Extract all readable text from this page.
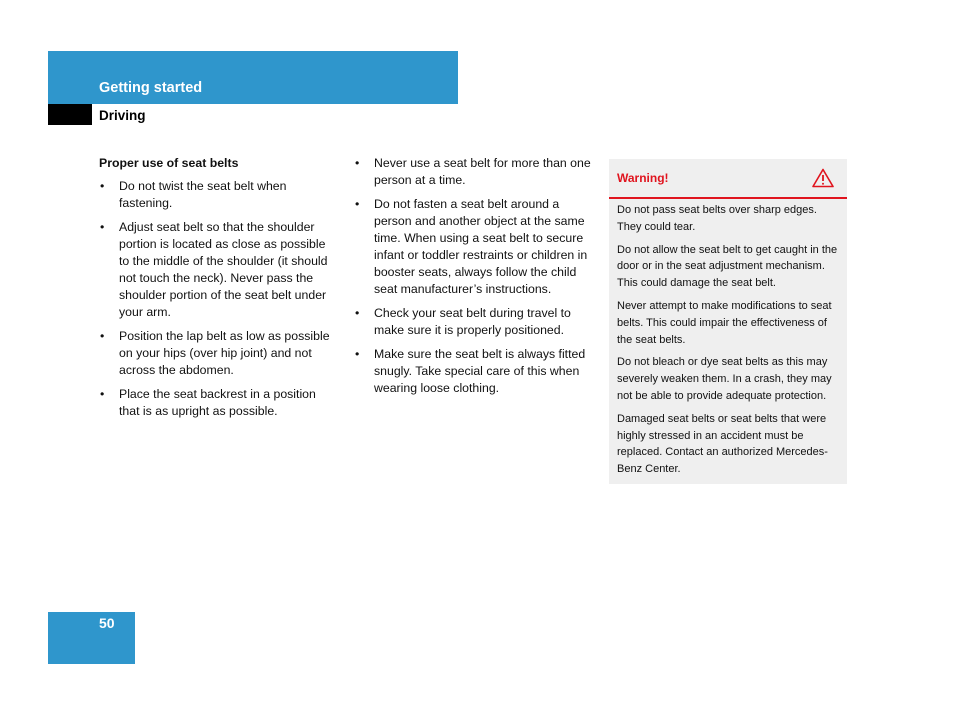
Getting started
Driving
Proper use of seat belts
• Do not twist the seat belt when fastening.
• Adjust seat belt so that the shoulder portion is located as close as possible to the middle of the shoulder (it should not touch the neck). Never pass the shoulder portion of the seat belt under your arm.
• Position the lap belt as low as possible on your hips (over hip joint) and not across the abdomen.
• Place the seat backrest in a position that is as upright as possible.
• Never use a seat belt for more than one person at a time.
• Do not fasten a seat belt around a person and another object at the same time. When using a seat belt to secure infant or toddler restraints or children in booster seats, always follow the child seat manufacturer’s instructions.
• Check your seat belt during travel to make sure it is properly positioned.
• Make sure the seat belt is always fitted snugly. Take special care of this when wearing loose clothing.
Warning!

Do not pass seat belts over sharp edges. They could tear.

Do not allow the seat belt to get caught in the door or in the seat adjustment mechanism. This could damage the seat belt.

Never attempt to make modifications to seat belts. This could impair the effectiveness of the seat belts.

Do not bleach or dye seat belts as this may severely weaken them. In a crash, they may not be able to provide adequate protection.

Damaged seat belts or seat belts that were highly stressed in an accident must be replaced. Contact an authorized Mercedes-Benz Center.

50
